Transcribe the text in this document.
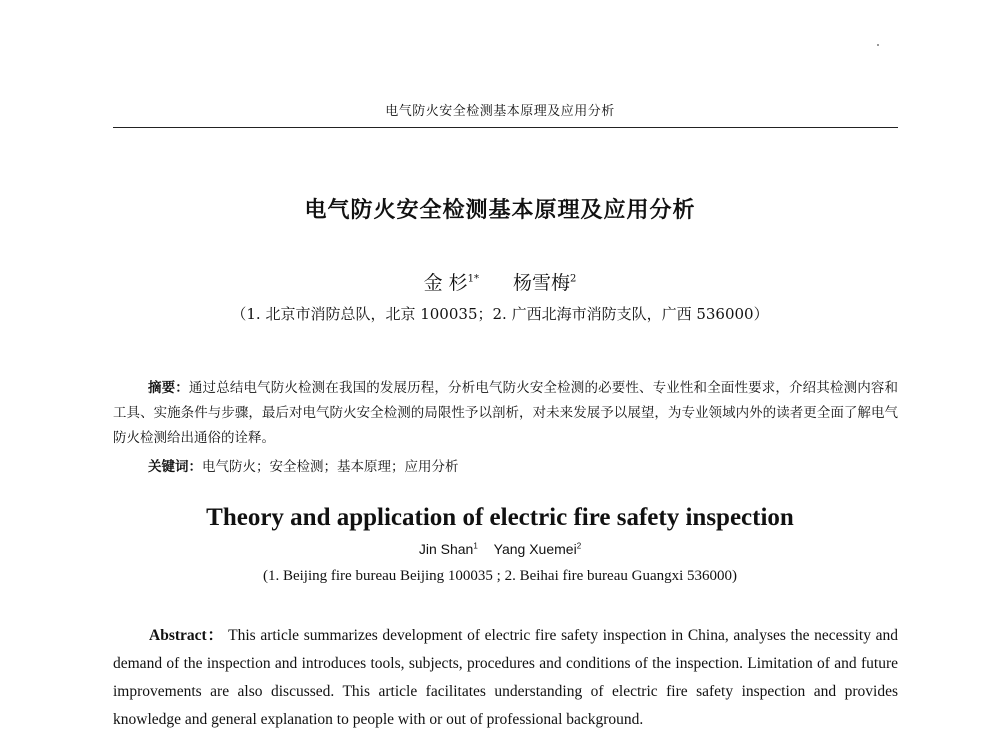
电气防火安全检测基本原理及应用分析
电气防火安全检测基本原理及应用分析
金 杉$^{1*}$ 杨雪梅$^2$
（1. 北京市消防总队，北京 100035；2. 广西北海市消防支队，广西 536000）
摘要：通过总结电气防火检测在我国的发展历程，分析电气防火安全检测的必要性、专业性和全面性要求，介绍其检测内容和工具、实施条件与步骤，最后对电气防火安全检测的局限性予以剖析，对未来发展予以展望，为专业领域内外的读者更全面了解电气防火检测给出通俗的诠释。
关键词：电气防火；安全检测；基本原理；应用分析
Theory and application of electric fire safety inspection
Jin Shan$^1$ Yang Xuemei$^2$
(1. Beijing fire bureau Beijing 100035 ; 2. Beihai fire bureau Guangxi 536000)
Abstract： This article summarizes development of electric fire safety inspection in China, analyses the necessity and demand of the inspection and introduces tools, subjects, procedures and conditions of the inspection. Limitation of and future improvements are also discussed. This article facilitates understanding of electric fire safety inspection and provides knowledge and general explanation to people with or out of professional background.
